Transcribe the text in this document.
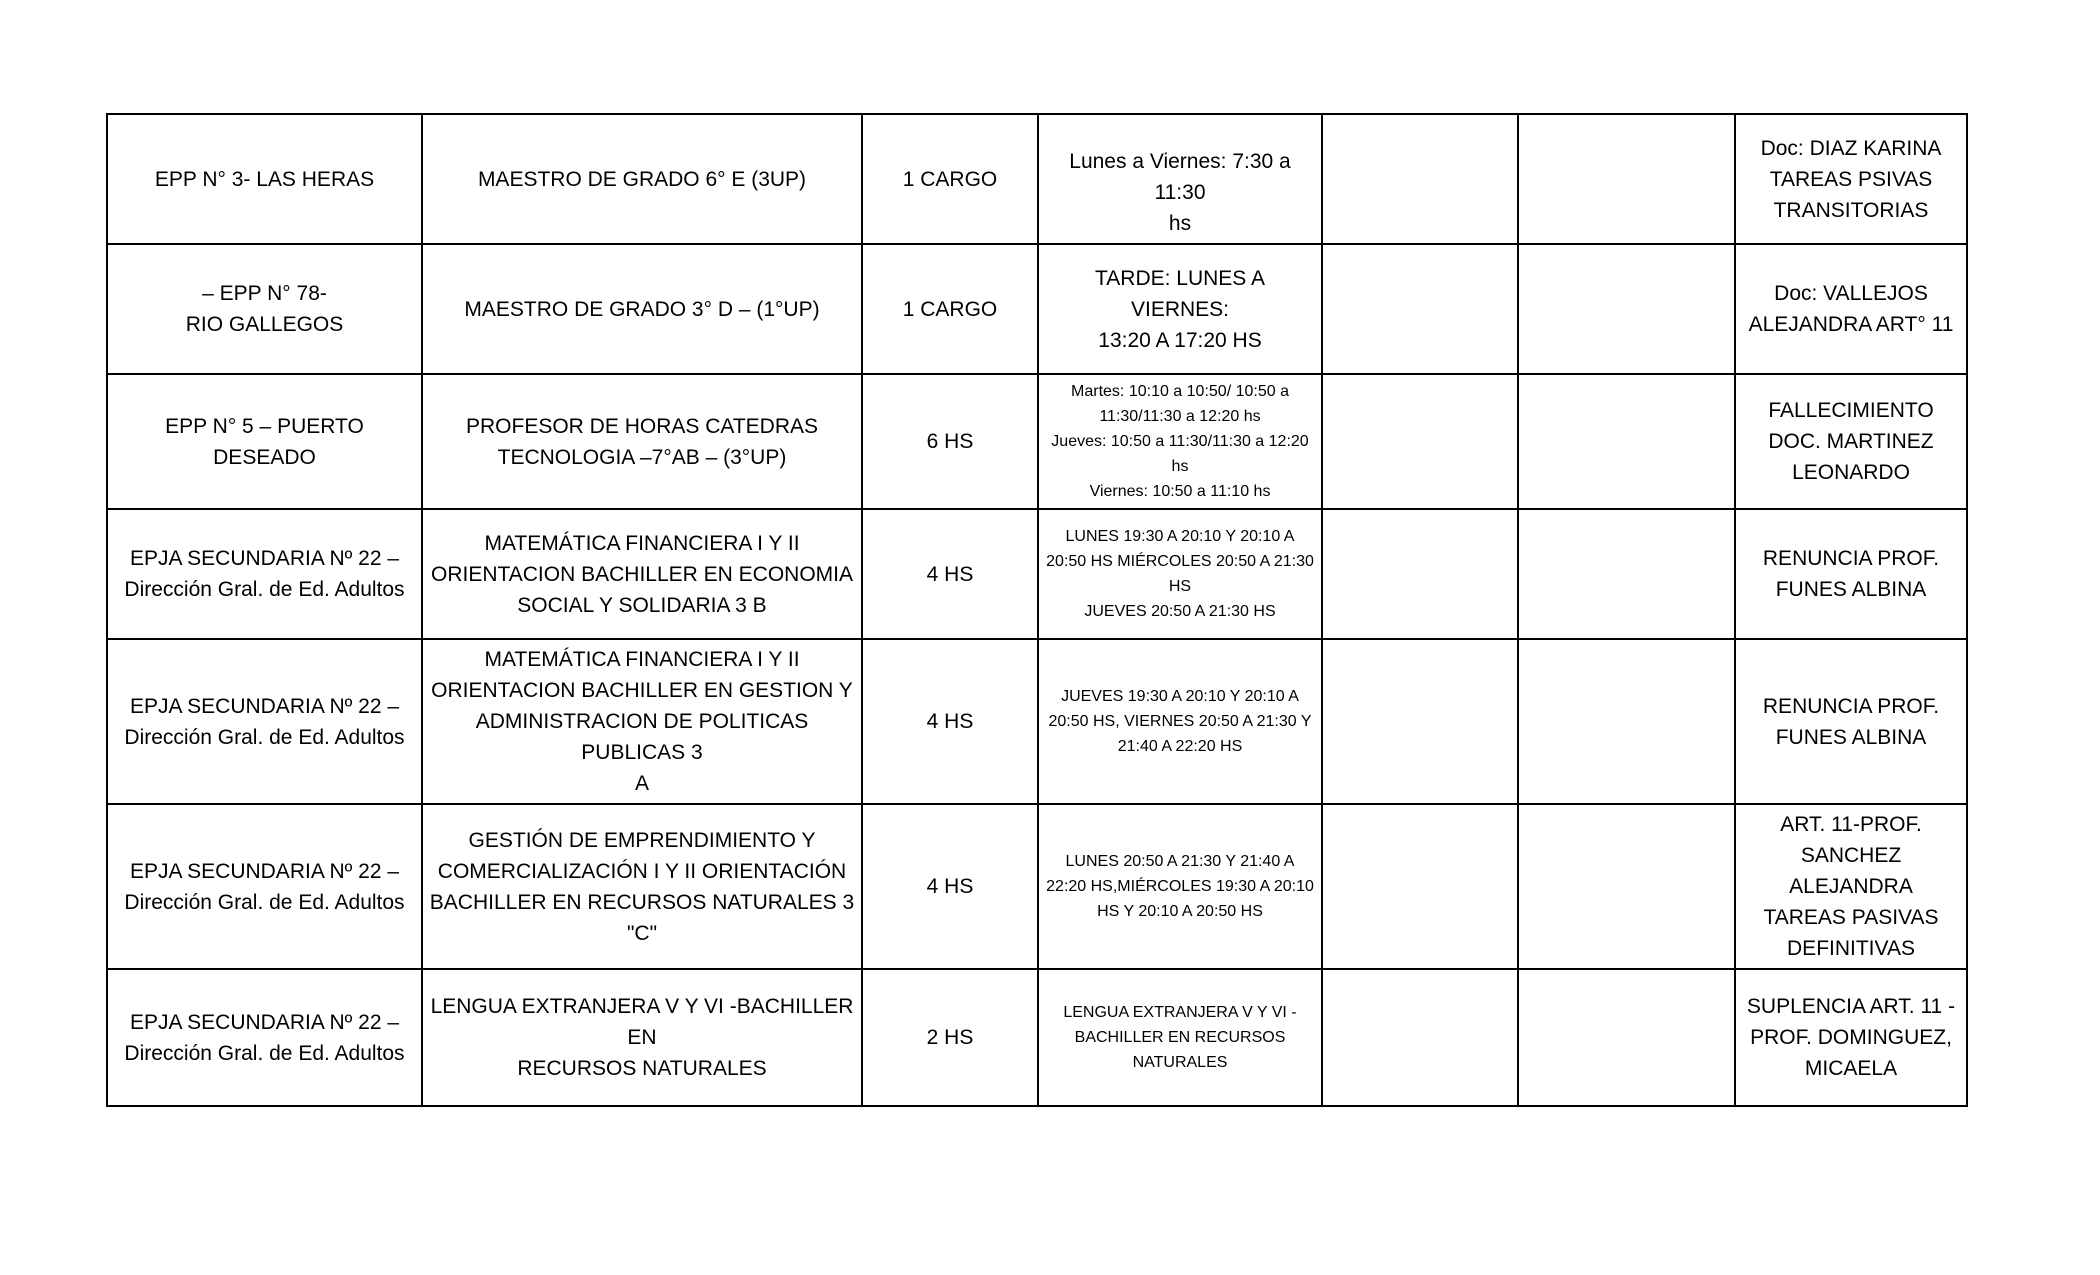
EPP N° 3- LAS HERAS	MAESTRO DE GRADO 6° E (3UP)	1 CARGO	Lunes a Viernes: 7:30 a 11:30
hs			Doc: DIAZ KARINA
TAREAS PSIVAS
TRANSITORIAS

– EPP N° 78-
RIO GALLEGOS	MAESTRO DE GRADO 3° D – (1°UP)	1 CARGO	TARDE: LUNES A VIERNES:
13:20 A 17:20 HS			Doc: VALLEJOS
ALEJANDRA ART° 11

EPP N° 5 – PUERTO DESEADO	PROFESOR DE HORAS CATEDRAS
TECNOLOGIA –7°AB – (3°UP)	6 HS	Martes: 10:10 a 10:50/ 10:50 a
11:30/11:30 a 12:20 hs
Jueves: 10:50 a 11:30/11:30 a 12:20
hs
Viernes: 10:50 a 11:10 hs			FALLECIMIENTO
DOC. MARTINEZ
LEONARDO

EPJA SECUNDARIA Nº 22 –
Dirección Gral. de Ed. Adultos	MATEMÁTICA FINANCIERA I Y II
ORIENTACION BACHILLER EN ECONOMIA
SOCIAL Y SOLIDARIA 3 B	4 HS	LUNES 19:30 A 20:10 Y 20:10 A
20:50 HS MIÉRCOLES 20:50 A 21:30
HS
JUEVES 20:50 A 21:30 HS			RENUNCIA PROF.
FUNES ALBINA

EPJA SECUNDARIA Nº 22 –
Dirección Gral. de Ed. Adultos	MATEMÁTICA FINANCIERA I Y II
ORIENTACION BACHILLER EN GESTION Y
ADMINISTRACION DE POLITICAS PUBLICAS 3
A	4 HS	JUEVES 19:30 A 20:10 Y 20:10 A
20:50 HS, VIERNES 20:50 A 21:30 Y
21:40 A 22:20 HS			RENUNCIA PROF.
FUNES ALBINA

EPJA SECUNDARIA Nº 22 –
Dirección Gral. de Ed. Adultos	GESTIÓN DE EMPRENDIMIENTO Y
COMERCIALIZACIÓN I Y II ORIENTACIÓN
BACHILLER EN RECURSOS NATURALES 3 "C"	4 HS	LUNES 20:50 A 21:30 Y 21:40 A
22:20 HS,MIÉRCOLES 19:30 A 20:10
HS Y 20:10 A 20:50 HS			ART. 11-PROF.
SANCHEZ ALEJANDRA
TAREAS PASIVAS
DEFINITIVAS

EPJA SECUNDARIA Nº 22 –
Dirección Gral. de Ed. Adultos	LENGUA EXTRANJERA V Y VI -BACHILLER EN
RECURSOS NATURALES	2 HS	LENGUA EXTRANJERA V Y VI -
BACHILLER EN RECURSOS
NATURALES			SUPLENCIA ART. 11 -
PROF. DOMINGUEZ,
MICAELA
